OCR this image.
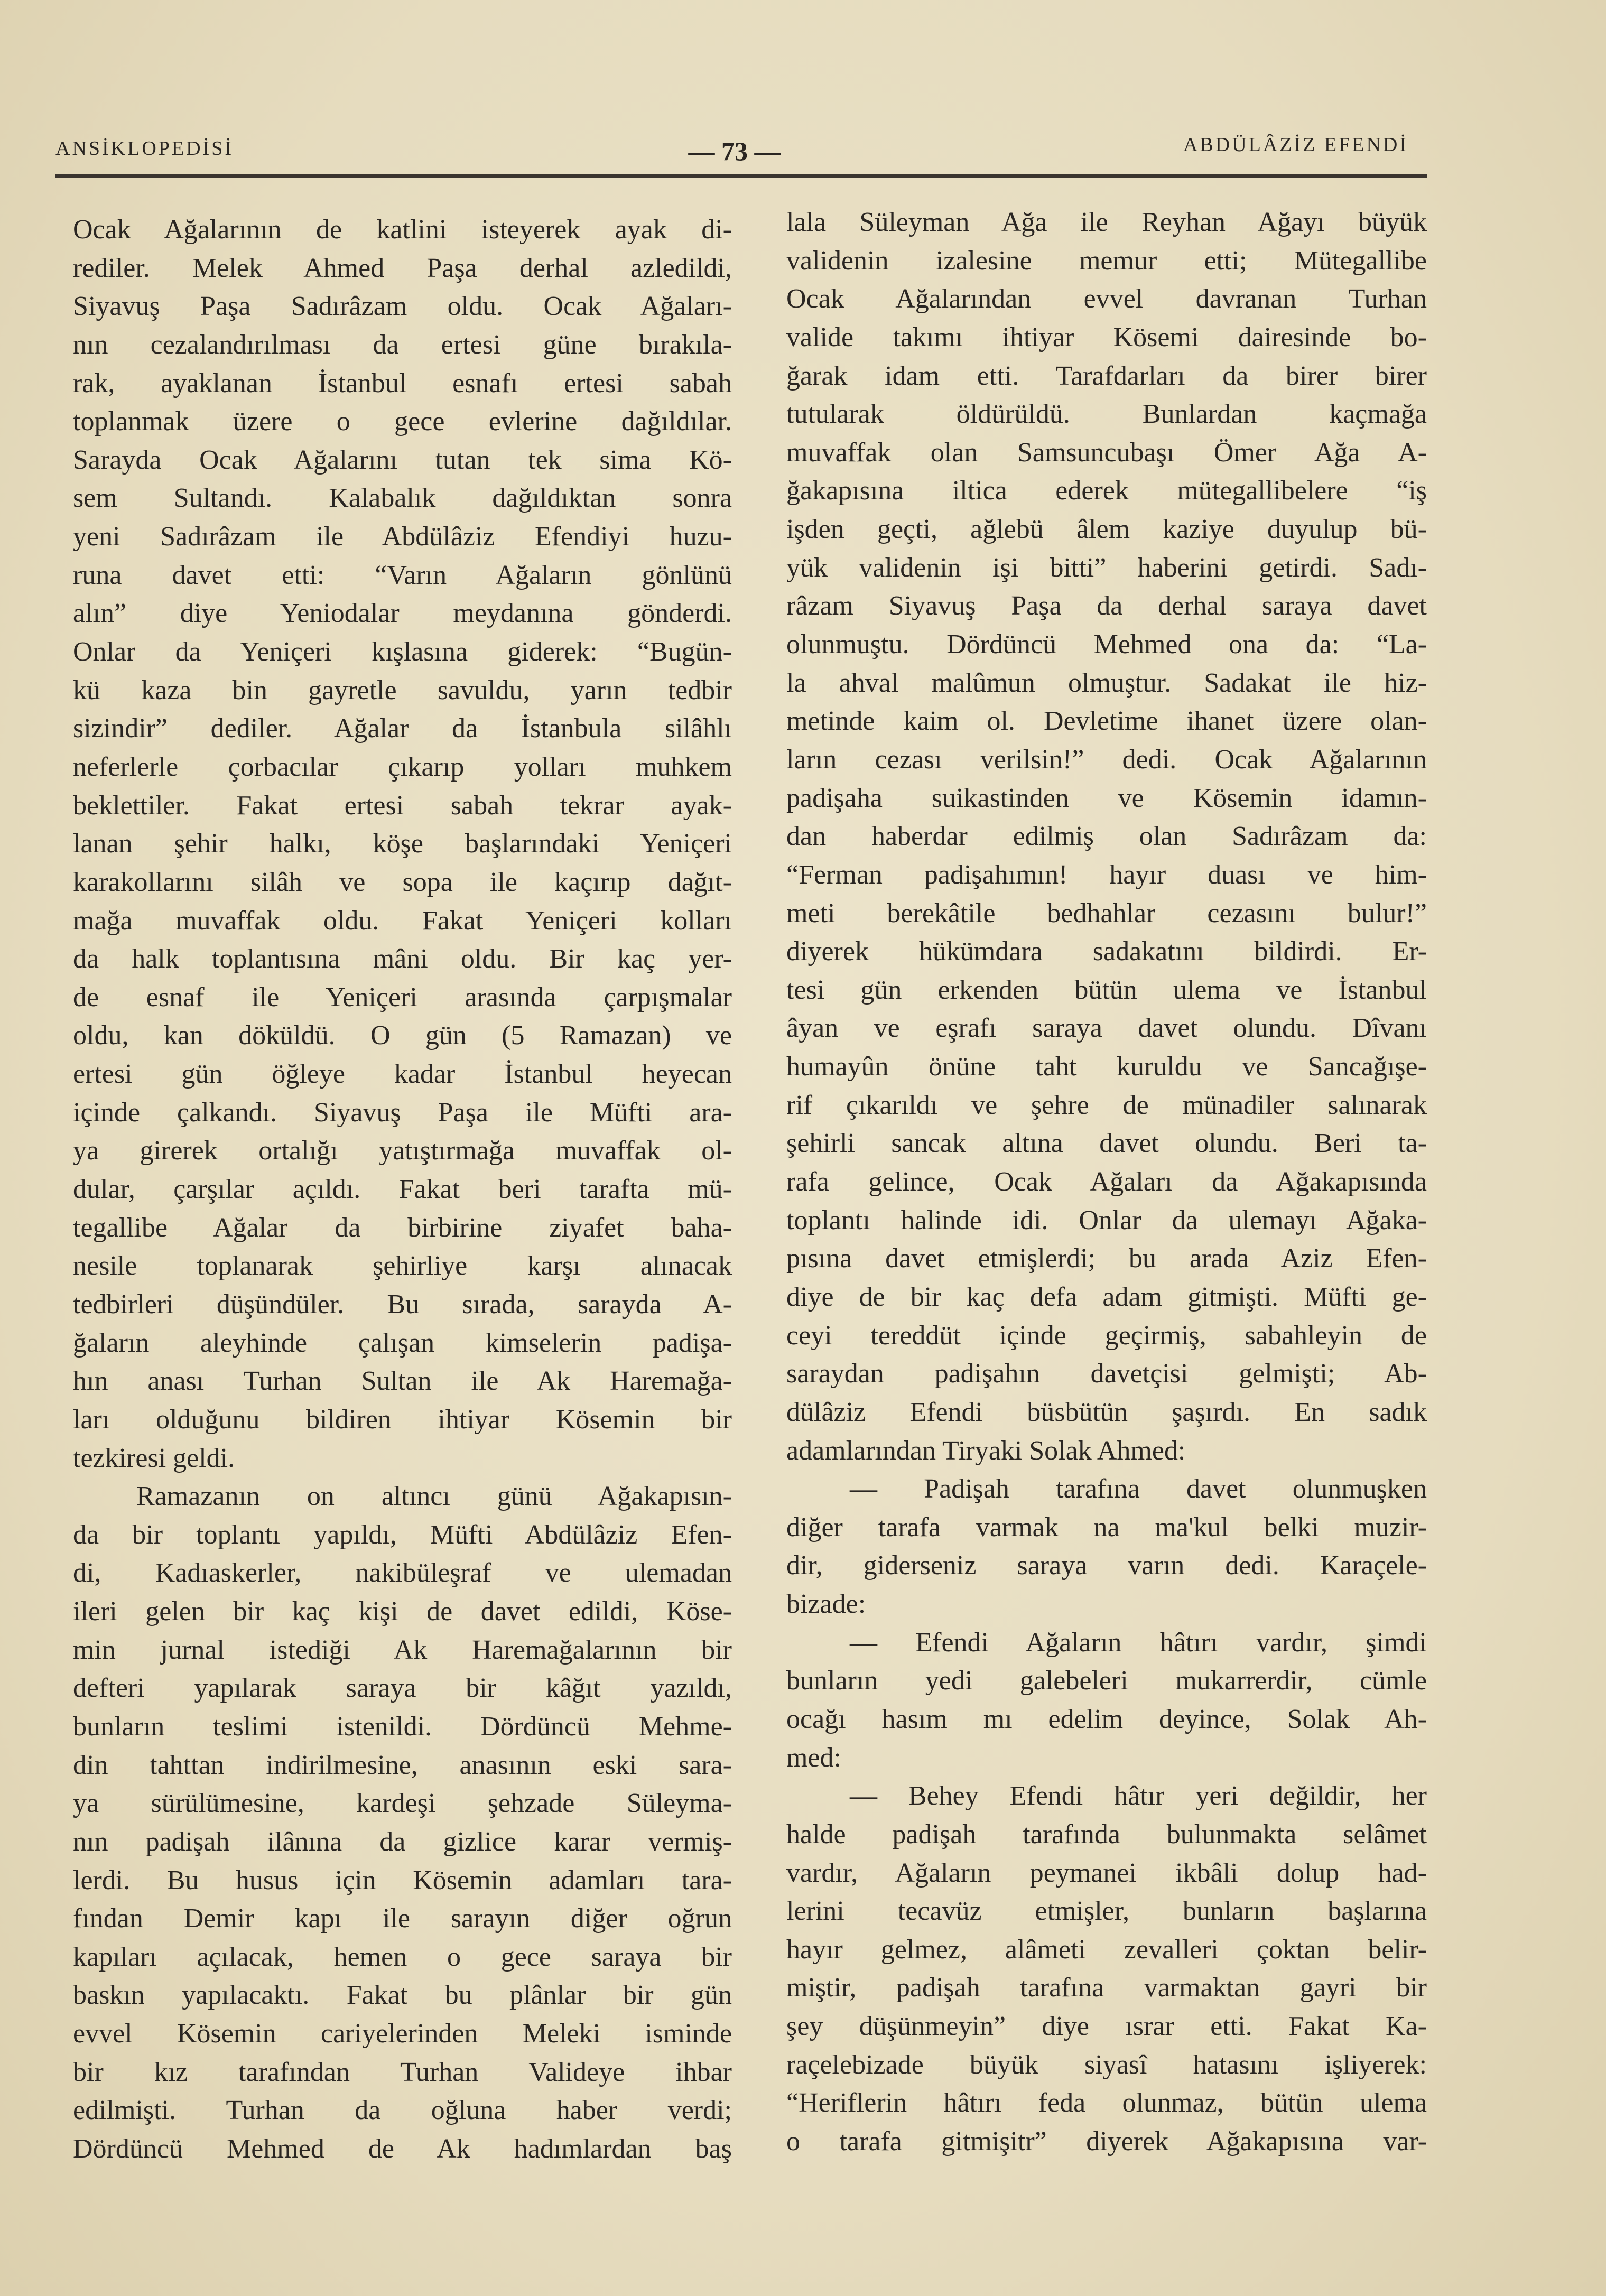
ANSİKLOPEDİSİ	— 73 —	ABDÜLÂZİZ EFENDİ
Ocak Ağalarının de katlini isteyerek ayak di-
rediler. Melek Ahmed Paşa derhal azledildi,
Siyavuş Paşa Sadırâzam oldu. Ocak Ağaları-
nın cezalandırılması da ertesi güne bırakıla-
rak, ayaklanan İstanbul esnafı ertesi sabah
toplanmak üzere o gece evlerine dağıldılar.
Sarayda Ocak Ağalarını tutan tek sima Kö-
sem Sultandı. Kalabalık dağıldıktan sonra
yeni Sadırâzam ile Abdülâziz Efendiyi huzu-
runa davet etti: “Varın Ağaların gönlünü
alın” diye Yeniodalar meydanına gönderdi.
Onlar da Yeniçeri kışlasına giderek: “Bugün-
kü kaza bin gayretle savuldu, yarın tedbir
sizindir” dediler. Ağalar da İstanbula silâhlı
neferlerle çorbacılar çıkarıp yolları muhkem
beklettiler. Fakat ertesi sabah tekrar ayak-
lanan şehir halkı, köşe başlarındaki Yeniçeri
karakollarını silâh ve sopa ile kaçırıp dağıt-
mağa muvaffak oldu. Fakat Yeniçeri kolları
da halk toplantısına mâni oldu. Bir kaç yer-
de esnaf ile Yeniçeri arasında çarpışmalar
oldu, kan döküldü. O gün (5 Ramazan) ve
ertesi gün öğleye kadar İstanbul heyecan
içinde çalkandı. Siyavuş Paşa ile Müfti ara-
ya girerek ortalığı yatıştırmağa muvaffak ol-
dular, çarşılar açıldı. Fakat beri tarafta mü-
tegallibe Ağalar da birbirine ziyafet baha-
nesile toplanarak şehirliye karşı alınacak
tedbirleri düşündüler. Bu sırada, sarayda A-
ğaların aleyhinde çalışan kimselerin padişa-
hın anası Turhan Sultan ile Ak Haremağa-
ları olduğunu bildiren ihtiyar Kösemin bir
tezkiresi geldi.
Ramazanın on altıncı günü Ağakapısın-
da bir toplantı yapıldı, Müfti Abdülâziz Efen-
di, Kadıaskerler, nakibüleşraf ve ulemadan
ileri gelen bir kaç kişi de davet edildi, Köse-
min jurnal istediği Ak Haremağalarının bir
defteri yapılarak saraya bir kâğıt yazıldı,
bunların teslimi istenildi. Dördüncü Mehme-
din tahttan indirilmesine, anasının eski sara-
ya sürülümesine, kardeşi şehzade Süleyma-
nın padişah ilânına da gizlice karar vermiş-
lerdi. Bu husus için Kösemin adamları tara-
fından Demir kapı ile sarayın diğer oğrun
kapıları açılacak, hemen o gece saraya bir
baskın yapılacaktı. Fakat bu plânlar bir gün
evvel Kösemin cariyelerinden Meleki isminde
bir kız tarafından Turhan Valideye ihbar
edilmişti. Turhan da oğluna haber verdi;
Dördüncü Mehmed de Ak hadımlardan baş
lala Süleyman Ağa ile Reyhan Ağayı büyük
validenin izalesine memur etti; Mütegallibe
Ocak Ağalarından evvel davranan Turhan
valide takımı ihtiyar Kösemi dairesinde bo-
ğarak idam etti. Tarafdarları da birer birer
tutularak öldürüldü. Bunlardan kaçmağa
muvaffak olan Samsuncubaşı Ömer Ağa A-
ğakapısına iltica ederek mütegallibelere “iş
işden geçti, ağlebü âlem kaziye duyulup bü-
yük validenin işi bitti” haberini getirdi. Sadı-
râzam Siyavuş Paşa da derhal saraya davet
olunmuştu. Dördüncü Mehmed ona da: “La-
la ahval malûmun olmuştur. Sadakat ile hiz-
metinde kaim ol. Devletime ihanet üzere olan-
ların cezası verilsin!” dedi. Ocak Ağalarının
padişaha suikastinden ve Kösemin idamın-
dan haberdar edilmiş olan Sadırâzam da:
“Ferman padişahımın! hayır duası ve him-
meti berekâtile bedhahlar cezasını bulur!”
diyerek hükümdara sadakatını bildirdi. Er-
tesi gün erkenden bütün ulema ve İstanbul
âyan ve eşrafı saraya davet olundu. Dîvanı
humayûn önüne taht kuruldu ve Sancağışe-
rif çıkarıldı ve şehre de münadiler salınarak
şehirli sancak altına davet olundu. Beri ta-
rafa gelince, Ocak Ağaları da Ağakapısında
toplantı halinde idi. Onlar da ulemayı Ağaka-
pısına davet etmişlerdi; bu arada Aziz Efen-
diye de bir kaç defa adam gitmişti. Müfti ge-
ceyi tereddüt içinde geçirmiş, sabahleyin de
saraydan padişahın davetçisi gelmişti; Ab-
dülâziz Efendi büsbütün şaşırdı. En sadık
adamlarından Tiryaki Solak Ahmed:
— Padişah tarafına davet olunmuşken
diğer tarafa varmak na ma'kul belki muzir-
dir, giderseniz saraya varın dedi. Karaçele-
bizade:
— Efendi Ağaların hâtırı vardır, şimdi
bunların yedi galebeleri mukarrerdir, cümle
ocağı hasım mı edelim deyince, Solak Ah-
med:
— Behey Efendi hâtır yeri değildir, her
halde padişah tarafında bulunmakta selâmet
vardır, Ağaların peymanei ikbâli dolup had-
lerini tecavüz etmişler, bunların başlarına
hayır gelmez, alâmeti zevalleri çoktan belir-
miştir, padişah tarafına varmaktan gayri bir
şey düşünmeyin” diye ısrar etti. Fakat Ka-
raçelebizade büyük siyasî hatasını işliyerek:
“Heriflerin hâtırı feda olunmaz, bütün ulema
o tarafa gitmişitr” diyerek Ağakapısına var-
